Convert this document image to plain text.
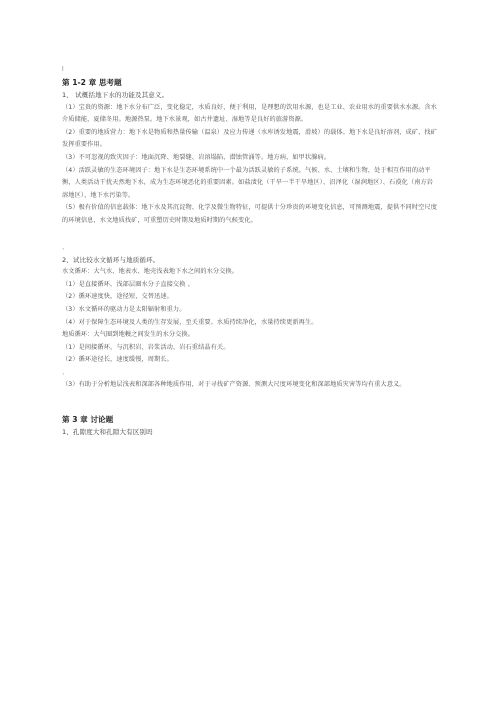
l
第 1-2 章 思考题

1、 试概括地下水的功能及其意义。

（1）宝贵的资源：地下水分布广泛，变化稳定，水质良好，便于利用，是理想的饮用水源，也是工业、农业用水的重要供水水源。含水介质储能，夏储冬用。地源热泵。地下水景观，如古井遗址、湿地等是良好的旅游资源。

（2）重要的地质营力：地下水是物质和热量传输（温泉）及应力传递（水库诱发地震，滑坡）的载体。地下水是良好溶剂，成矿、找矿发挥重要作用。

（3）不可忽视的致灾因子：地面沉降、地裂缝、岩溶塌陷、潜蚀管涌等。地方病，如甲状腺病。

（4）活跃灵敏的生态环境因子：地下水是生态环境系统中一个最为活跃灵敏的子系统。气候、水、土壤和生物，处于相互作用的动平衡，人类活动干扰天然地下水，成为生态环境恶化的重要因素。如盐渍化（干旱一半干旱地区）、沼泽化（湿润地区）、石漠化（南方岩溶地区）、地下水污染等。

（5）极有价值的信息载体：地下水及其沉淀物、化学及微生物特征，可提供十分珍贵的环境变化信息，可预测地震，提供不同时空尺度的环境信息，水文地质找矿，可重塑历史时期及地质时期的气候变化。

、

2、试比较水文循环与地质循环。

水文循环：大气水、地表水、地壳浅表地下水之间的水分交换。

（1）是直接循环，浅部层圈水分子直接交换 。

（2）循环速度快，途径短，交替迅速。

（3）水文循环的驱动力是太阳辐射和重力。

（4）对于保障生态环境及人类的生存发展，至关重要。水质持续净化，水量持续更新再生。

地质循环：大气圈到地幔之间发生的水分交换。

（1）是间接循环，与沉积岩、岩浆活动、岩石重结晶有关。

（2）循环途径长，速度缓慢，周期长。

、

（3）有助于分析地层浅表和深部各种地质作用，对于寻找矿产资源、预测大尺度环境变化和深部地质灾害等均有重大意义。

第 3 章 讨论题

1、孔隙度大和孔隙大有区别吗
